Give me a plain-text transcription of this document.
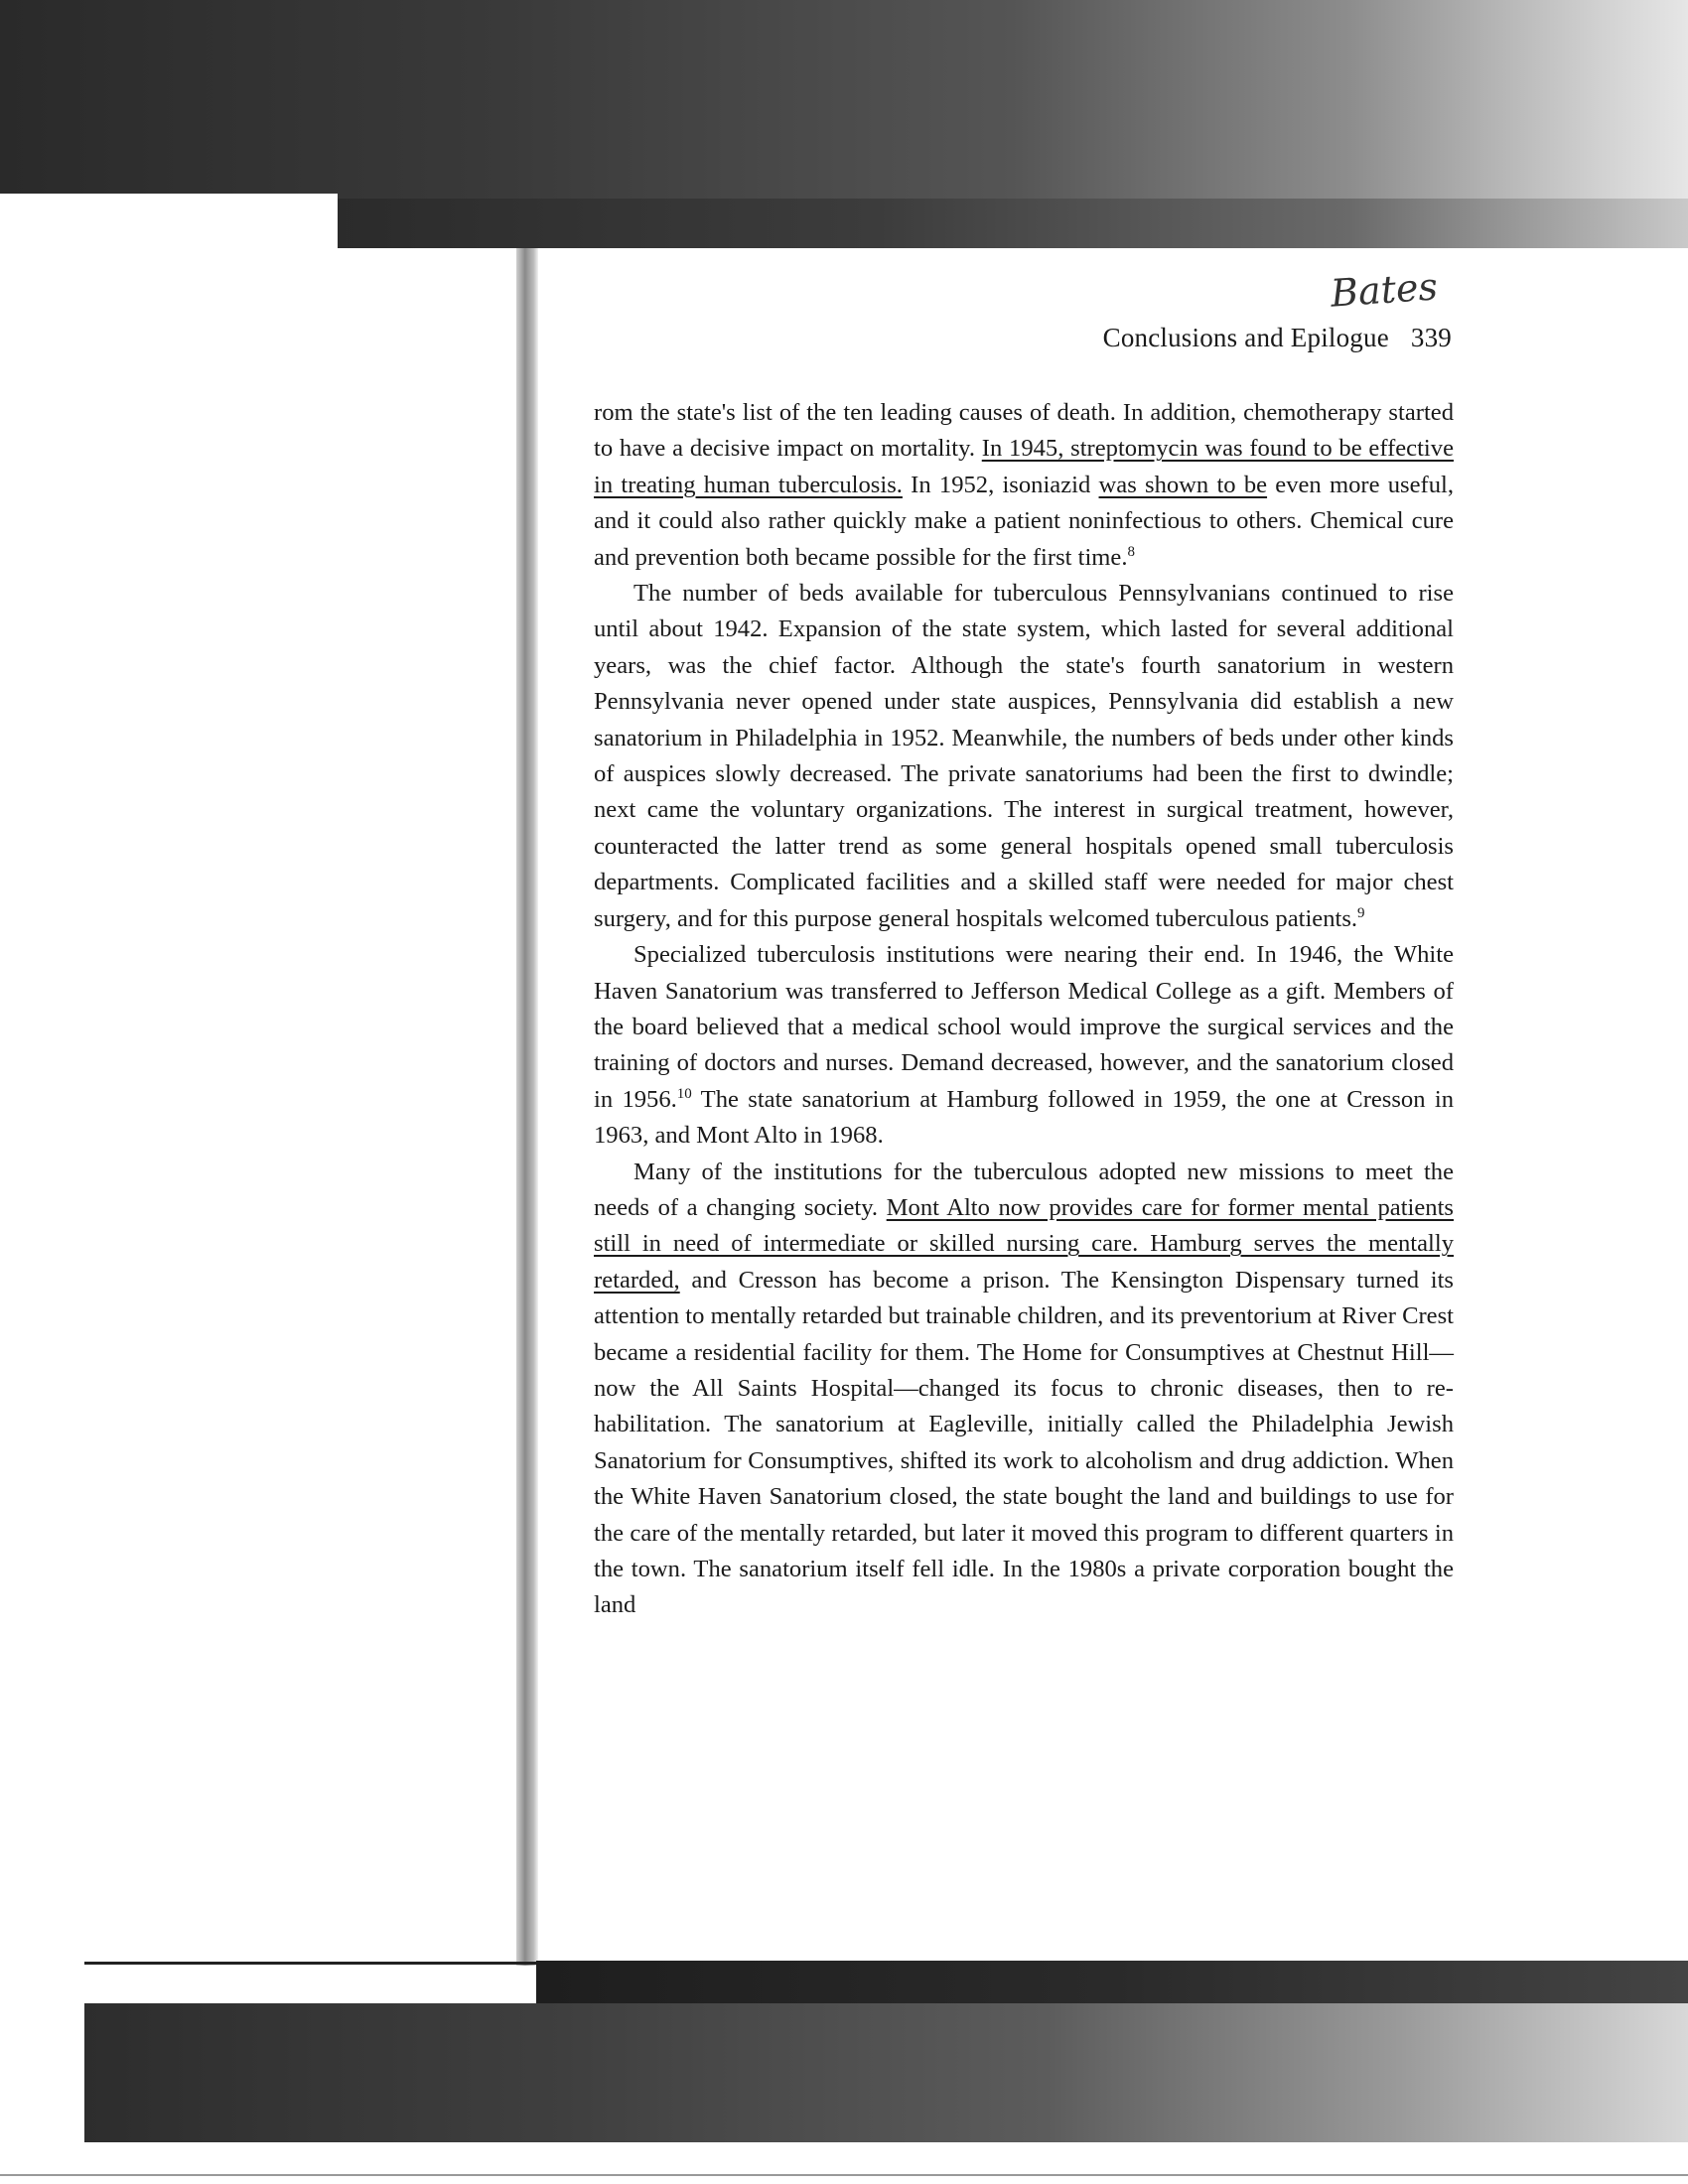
Bates
Conclusions and Epilogue 339

rom the state's list of the ten leading causes of death. In addition, chemotherapy started to have a decisive impact on mortality. In 1945, streptomycin was found to be effective in treating human tuberculosis. In 1952, isoniazid was shown to be even more useful, and it could also rather quickly make a patient noninfectious to others. Chemical cure and prevention both became possible for the first time.$^8$

The number of beds available for tuberculous Pennsylvanians continued to rise until about 1942. Expansion of the state system, which lasted for several additional years, was the chief factor. Although the state's fourth sanatorium in western Pennsylvania never opened under state auspices, Pennsylvania did establish a new sanatorium in Philadelphia in 1952. Meanwhile, the numbers of beds under other kinds of auspices slowly decreased. The private sanatoriums had been the first to dwindle; next came the voluntary organizations. The interest in surgical treatment, however, counteracted the latter trend as some general hospitals opened small tuberculosis departments. Complicated facilities and a skilled staff were needed for major chest surgery, and for this purpose general hospitals welcomed tuberculous patients.$^9$

Specialized tuberculosis institutions were nearing their end. In 1946, the White Haven Sanatorium was transferred to Jefferson Medical College as a gift. Members of the board believed that a medical school would improve the surgical services and the training of doctors and nurses. Demand decreased, however, and the sanatorium closed in 1956.10 The state sanatorium at Hamburg followed in 1959, the one at Cresson in 1963, and Mont Alto in 1968.

Many of the institutions for the tuberculous adopted new missions to meet the needs of a changing society. Mont Alto now provides care for former mental patients still in need of intermediate or skilled nursing care. Hamburg serves the mentally retarded, and Cresson has become a prison. The Kensington Dispensary turned its attention to mentally retarded but trainable children, and its preventorium at River Crest became a residential facility for them. The Home for Consumptives at Chestnut Hill—now the All Saints Hospital—changed its focus to chronic diseases, then to rehabilitation. The sanatorium at Eagleville, initially called the Philadelphia Jewish Sanatorium for Consumptives, shifted its work to alcoholism and drug addiction. When the White Haven Sanatorium closed, the state bought the land and buildings to use for the care of the mentally retarded, but later it moved this program to different quarters in the town. The sanatorium itself fell idle. In the 1980s a private corporation bought the land
